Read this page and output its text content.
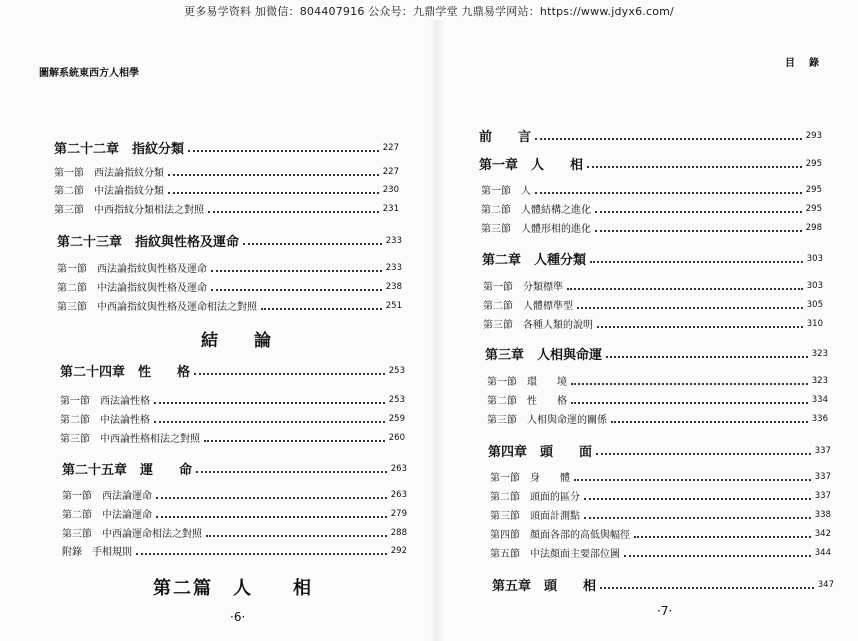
更多易学资料 加微信：804407916 公众号：九鼎学堂 九鼎易学网站：https://www.jdyx6.com/
圖解系統東西方人相學
目錄
第二十二章　指紋分類	227
第一節　西法論指紋分類	227
第二節　中法論指紋分類	230
第三節　中西指紋分類相法之對照	231
第二十三章　指紋與性格及運命	233
第一節　西法論指紋與性格及運命	233
第二節　中法論指紋與性格及運命	238
第三節　中西論指紋與性格及運命相法之對照	251
結論
第二十四章　性　　格	253
第一節　西法論性格	253
第二節　中法論性格	259
第三節　中西論性格相法之對照	260
第二十五章　運　　命	263
第一節　西法論運命	263
第二節　中法論運命	279
第三節　中西論運命相法之對照	288
附錄　手相規則	292
第二篇　人　　相
·6·
前　　言	293
第一章　人　　相	295
第一節　人	295
第二節　人體結構之進化	295
第三節　人體形相的進化	298
第二章　人種分類	303
第一節　分類標準	303
第二節　人體標準型	305
第三節　各種人類的說明	310
第三章　人相與命運	323
第一節　環　　境	323
第二節　性　　格	334
第三節　人相與命運的關係	336
第四章　頭　　面	337
第一節　身　　體	337
第二節　頭面的區分	337
第三節　頭面計測點	338
第四節　顏面各部的高低與幅徑	342
第五節　中法顏面主要部位圖	344
第五章　頭　　相	347
·7·
